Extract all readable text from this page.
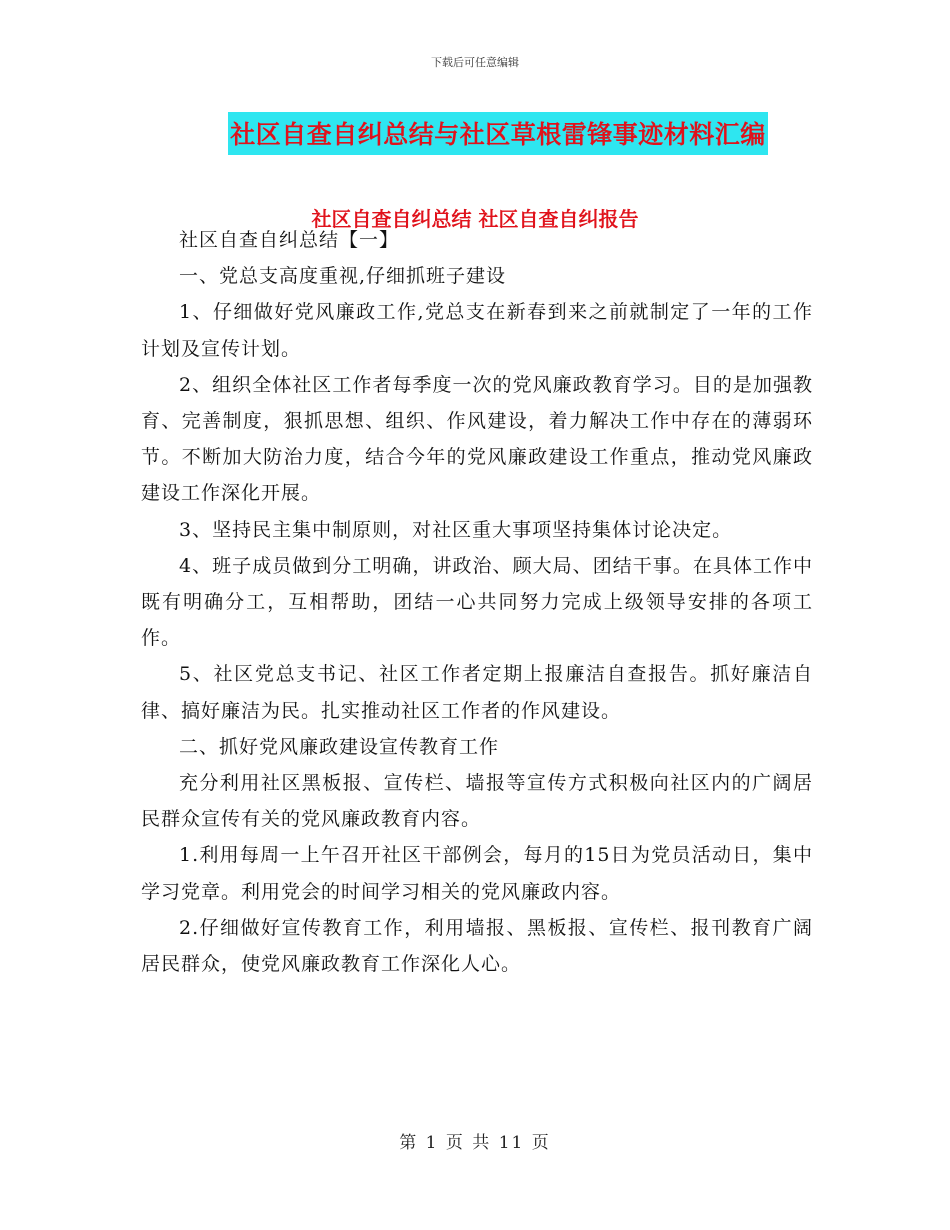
下载后可任意编辑
社区自查自纠总结与社区草根雷锋事迹材料汇编
社区自查自纠总结 社区自查自纠报告

社区自查自纠总结【一】

一、党总支高度重视,仔细抓班子建设

1、仔细做好党风廉政工作,党总支在新春到来之前就制定了一年的工作计划及宣传计划。

2、组织全体社区工作者每季度一次的党风廉政教育学习。目的是加强教育、完善制度，狠抓思想、组织、作风建设，着力解决工作中存在的薄弱环节。不断加大防治力度，结合今年的党风廉政建设工作重点，推动党风廉政建设工作深化开展。

3、坚持民主集中制原则，对社区重大事项坚持集体讨论决定。

4、班子成员做到分工明确，讲政治、顾大局、团结干事。在具体工作中既有明确分工，互相帮助，团结一心共同努力完成上级领导安排的各项工作。

5、社区党总支书记、社区工作者定期上报廉洁自查报告。抓好廉洁自律、搞好廉洁为民。扎实推动社区工作者的作风建设。

二、抓好党风廉政建设宣传教育工作

充分利用社区黑板报、宣传栏、墙报等宣传方式积极向社区内的广阔居民群众宣传有关的党风廉政教育内容。

1.利用每周一上午召开社区干部例会，每月的15日为党员活动日，集中学习党章。利用党会的时间学习相关的党风廉政内容。

2.仔细做好宣传教育工作，利用墙报、黑板报、宣传栏、报刊教育广阔居民群众，使党风廉政教育工作深化人心。

第 1 页 共 11 页
